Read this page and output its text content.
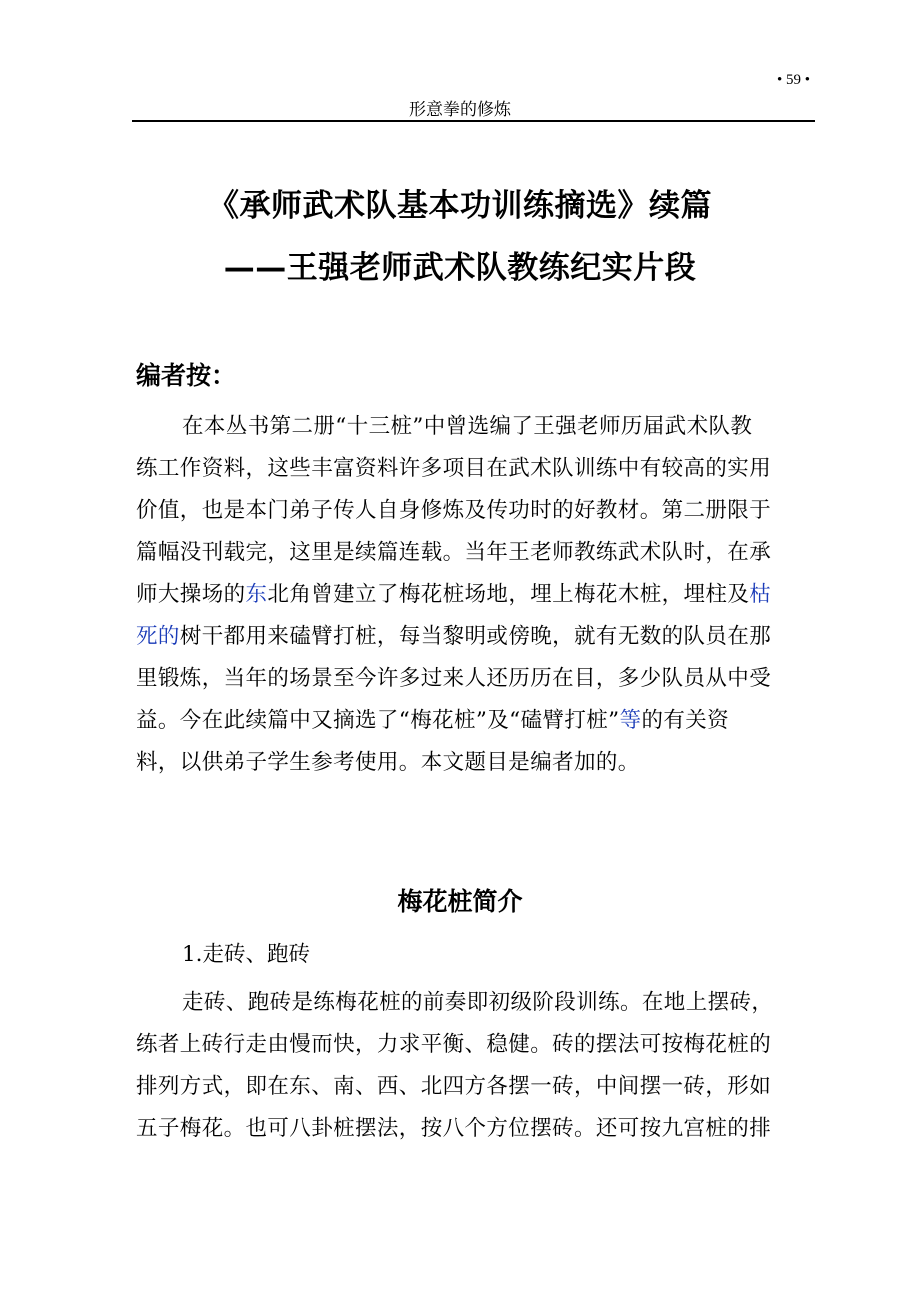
• 59 •
形意拳的修炼
《承师武术队基本功训练摘选》续篇
——王强老师武术队教练纪实片段
编者按：
在本丛书第二册“十三桩”中曾选编了王强老师历届武术队教
练工作资料，这些丰富资料许多项目在武术队训练中有较高的实用
价值，也是本门弟子传人自身修炼及传功时的好教材。第二册限于
篇幅没刊载完，这里是续篇连载。当年王老师教练武术队时，在承
师大操场的东北角曾建立了梅花桩场地，埋上梅花木桩，埋柱及枯
死的树干都用来磕臂打桩，每当黎明或傍晚，就有无数的队员在那
里锻炼，当年的场景至今许多过来人还历历在目，多少队员从中受
益。今在此续篇中又摘选了“梅花桩”及“磕臂打桩”等的有关资
料，以供弟子学生参考使用。本文题目是编者加的。
梅花桩简介
1.走砖、跑砖
走砖、跑砖是练梅花桩的前奏即初级阶段训练。在地上摆砖，
练者上砖行走由慢而快，力求平衡、稳健。砖的摆法可按梅花桩的
排列方式，即在东、南、西、北四方各摆一砖，中间摆一砖，形如
五子梅花。也可八卦桩摆法，按八个方位摆砖。还可按九宫桩的排
